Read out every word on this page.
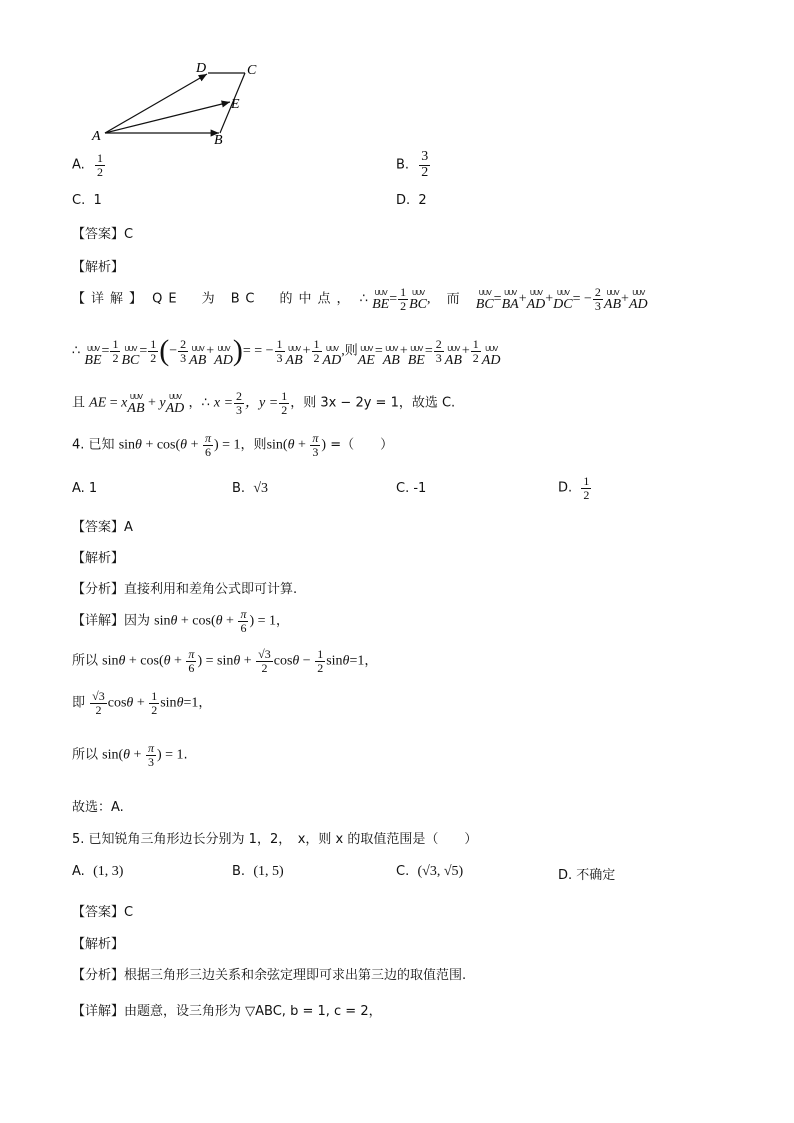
D	C
E
A	B
A. $\frac{1}{2}$	B. $\frac{3}{2}$
C. 1	D. 2
【答案】C
【解析】
【详解】 QE　为 BC　的中点， ∴ UUV
BE = $\frac{1}{2}$ UUV
BC , 而	UUV
BC = UUV
BA + UUV
AD + UUV
DC = − $\frac{2}{3}$ UUV
AB + UUV
AD
∴ UUV
BE
= $\frac{1}{2}$ UUV
BC
= $\frac{1}{2}$ (− $\frac{2}{3}$ UUV
AB
+ UUV
AD )= = − $\frac{1}{3}$ UUV
AB
+ $\frac{1}{2}$ UUV
AD
,则 UUV
AE
= UUV
AB
+ UUV
BE
= $\frac{2}{3}$ UUV
AB
+ $\frac{1}{2}$ UUV
AD
且 AE = x UUV
AB + y UUV
AD ，∴ $x = \frac{2}{3}$ ，$y = \frac{1}{2}$ ，则 3x − 2y = 1，故选 C.
4. 已知 $\sin\theta + \cos(\theta + \frac{\pi}{6}$ ) = 1，则$\sin(\theta + \frac{\pi}{3}$ ) =（　　）
A. 1	B. √3	C. -1	D. $\frac{1}{2}$
【答案】A
【解析】
【分析】直接利用和差角公式即可计算.
【详解】因为 $\sin\theta + \cos(\theta + \frac{\pi}{6}$ ) = 1，
所以 $\sin\theta + \cos(\theta + \frac{\pi}{6}$ ) = $\sin\theta + \frac{√3}{2}$ $\cos\theta - \frac{1}{2} \sin\theta=1$，
即 $\frac{√3}{2}$ $\cos\theta + \frac{1}{2} \sin\theta=1$，
所以 $\sin(\theta + \frac{\pi}{3}$ ) = 1.
故选：A.
5. 已知锐角三角形边长分别为 1，2，　x，则 x 的取值范围是（　　）
A. (1, 3)	B. (1, 5)	C. (√3, √5)	D. 不确定
【答案】C
【解析】
【分析】根据三角形三边关系和余弦定理即可求出第三边的取值范围.
【详解】由题意，设三角形为 ▽ABC, b = 1, c = 2，
